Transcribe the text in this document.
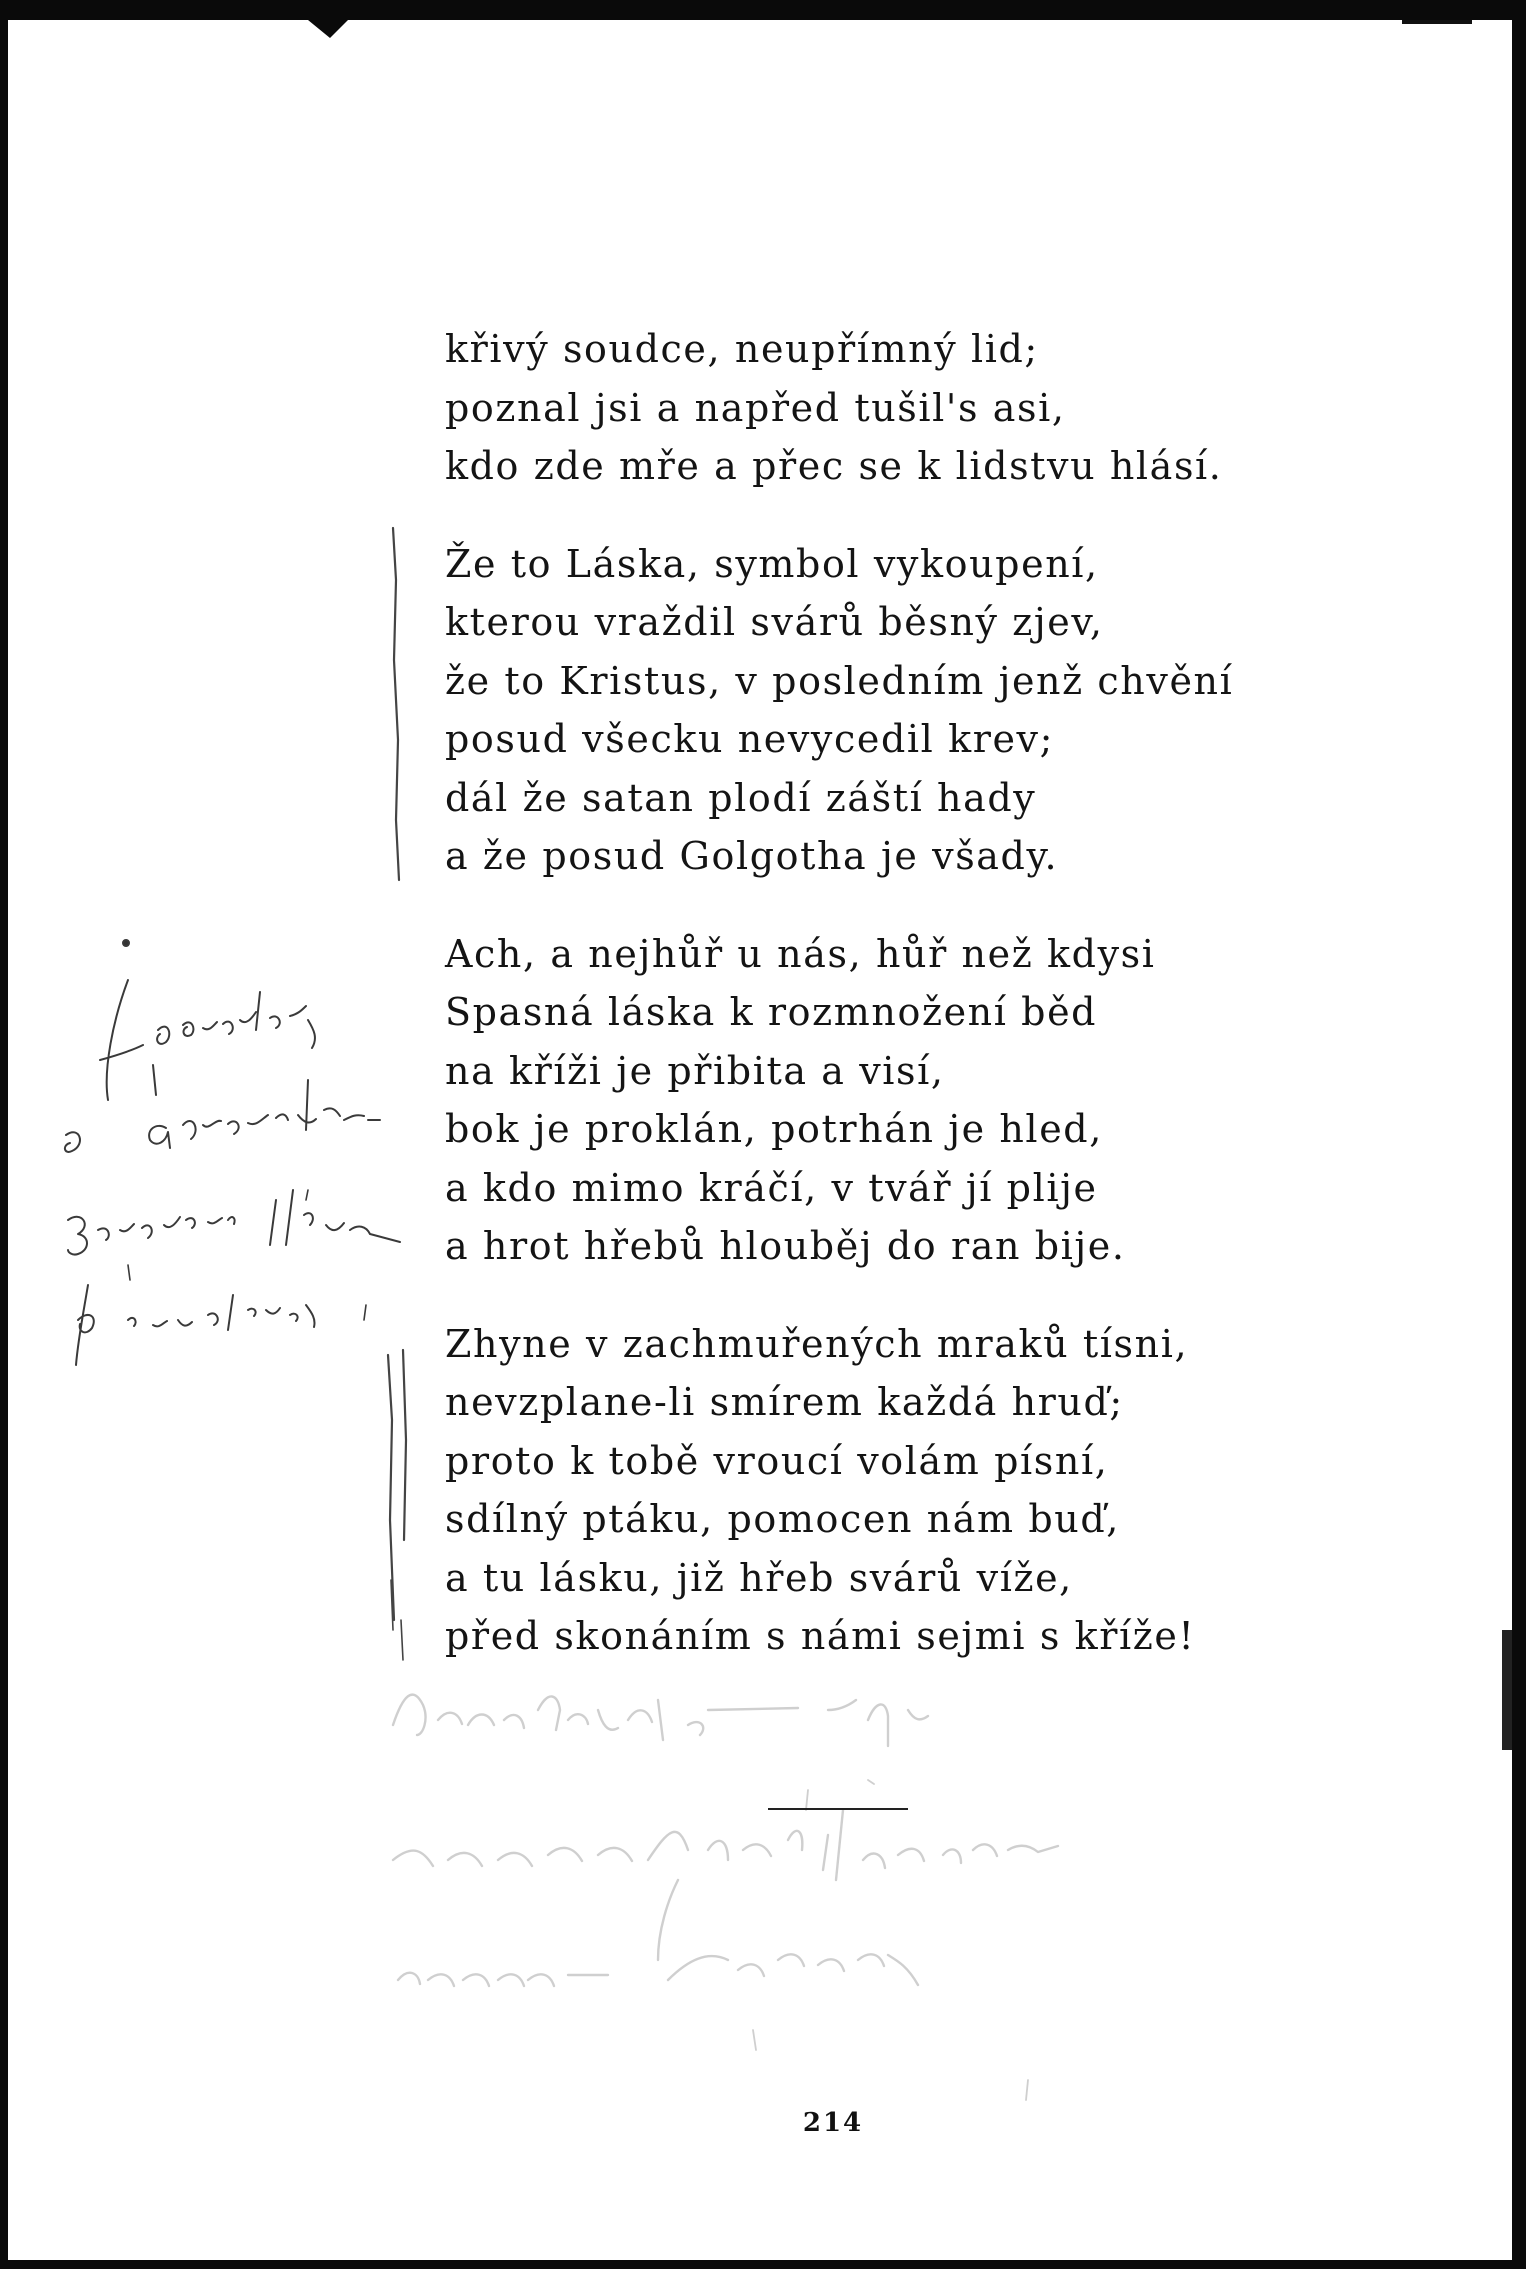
křivý soudce, neupřímný lid;
poznal jsi a napřed tušil's asi,
kdo zde mře a přec se k lidstvu hlásí.
Že to Láska, symbol vykoupení,
kterou vraždil svárů běsný zjev,
že to Kristus, v posledním jenž chvění
posud všecku nevycedil krev;
dál že satan plodí záští hady
a že posud Golgotha je všady.
Ach, a nejhůř u nás, hůř než kdysi
Spasná láska k rozmnožení běd
na kříži je přibita a visí,
bok je proklán, potrhán je hled,
a kdo mimo kráčí, v tvář jí plije
a hrot hřebů hlouběj do ran bije.
Zhyne v zachmuřených mraků tísni,
nevzplane-li smírem každá hruď;
proto k tobě vroucí volám písní,
sdílný ptáku, pomocen nám buď,
a tu lásku, již hřeb svárů víže,
před skonáním s námi sejmi s kříže!
214
